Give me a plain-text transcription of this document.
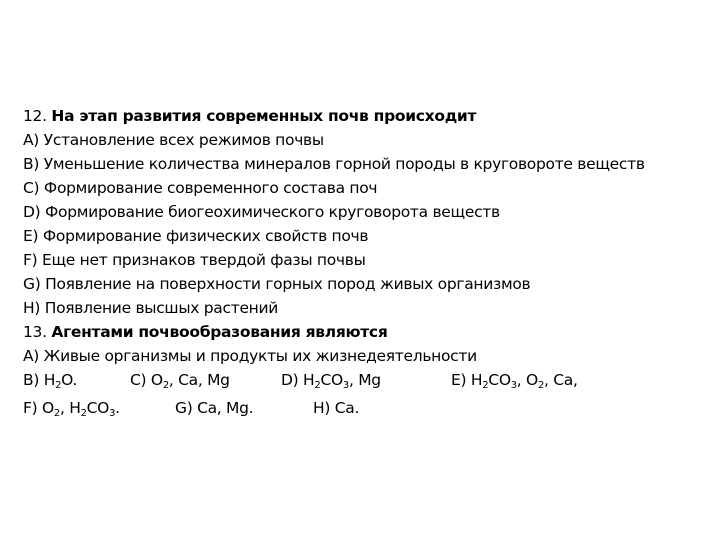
12. На этап развития современных почв происходит
A) Установление всех режимов почвы
B) Уменьшение количества минералов горной породы в круговороте веществ
C) Формирование современного состава поч
D) Формирование биогеохимического круговорота веществ
E) Формирование физических свойств почв
F) Еще нет признаков твердой фазы почвы
G) Появление на поверхности горных пород живых организмов
H) Появление высшых растений
13. Агентами почвообразования являются
A) Живые организмы и продукты их жизнедеятельности
B) $H_2O$.	C) $O_2$, Ca, Mg	D) $H_2CO_3$, Mg	E) $H_2CO_3$, $O_2$, Ca,
F) $O_2$, $H_2CO_3$.	G) Ca, Mg.	H) Ca.
